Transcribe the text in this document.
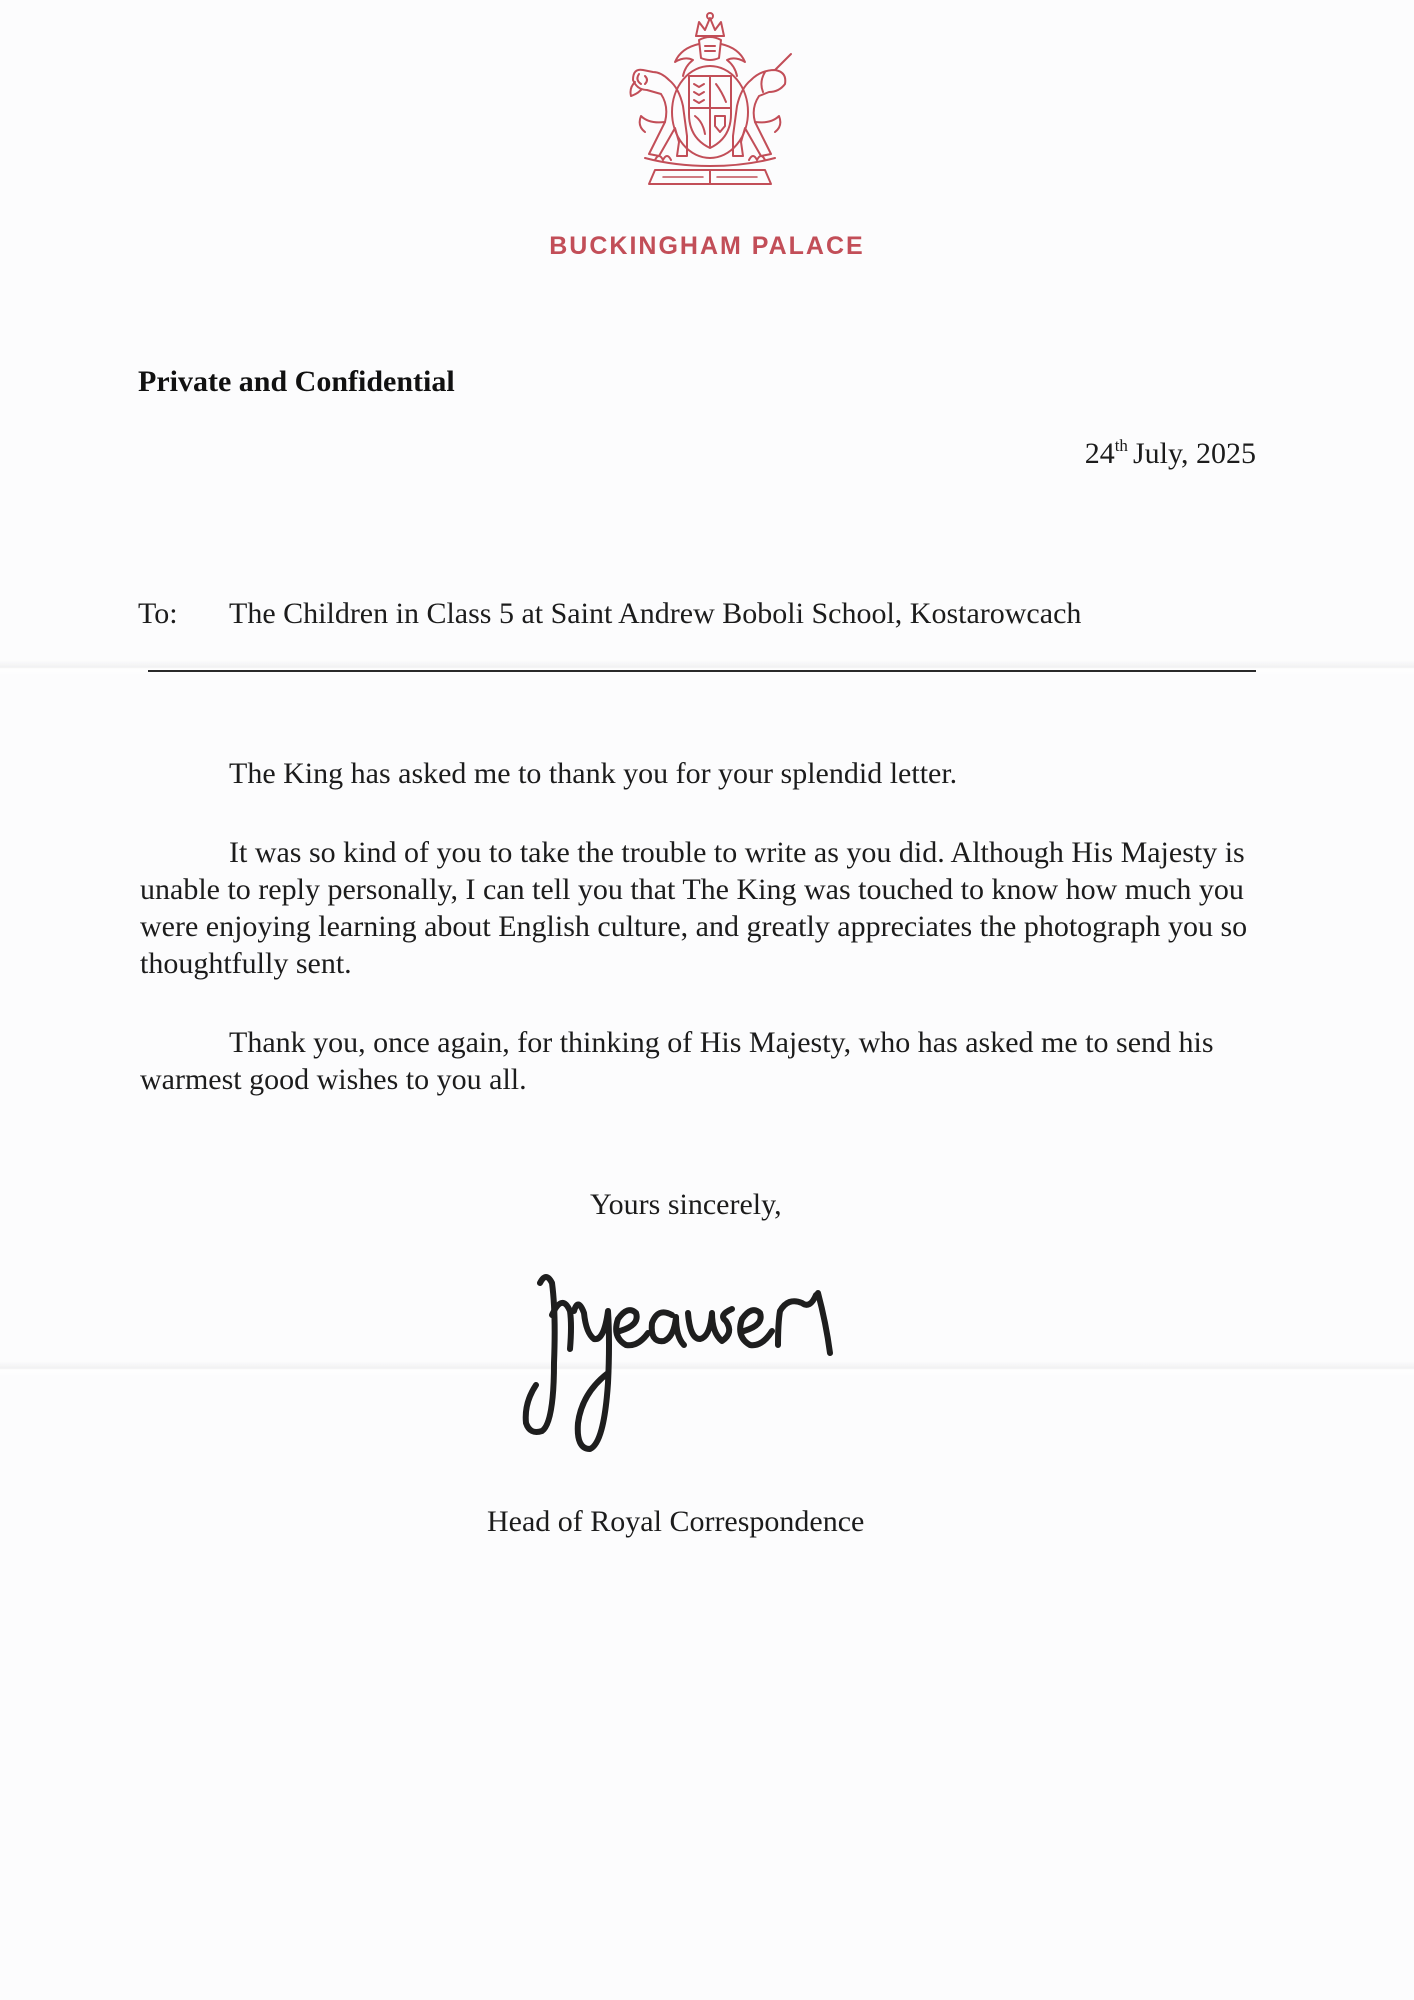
BUCKINGHAM PALACE
Private and Confidential
24th July, 2025
To: The Children in Class 5 at Saint Andrew Boboli School, Kostarowcach

The King has asked me to thank you for your splendid letter.

It was so kind of you to take the trouble to write as you did. Although His Majesty is unable to reply personally, I can tell you that The King was touched to know how much you were enjoying learning about English culture, and greatly appreciates the photograph you so thoughtfully sent.

Thank you, once again, for thinking of His Majesty, who has asked me to send his warmest good wishes to you all.

Yours sincerely,
Head of Royal Correspondence
